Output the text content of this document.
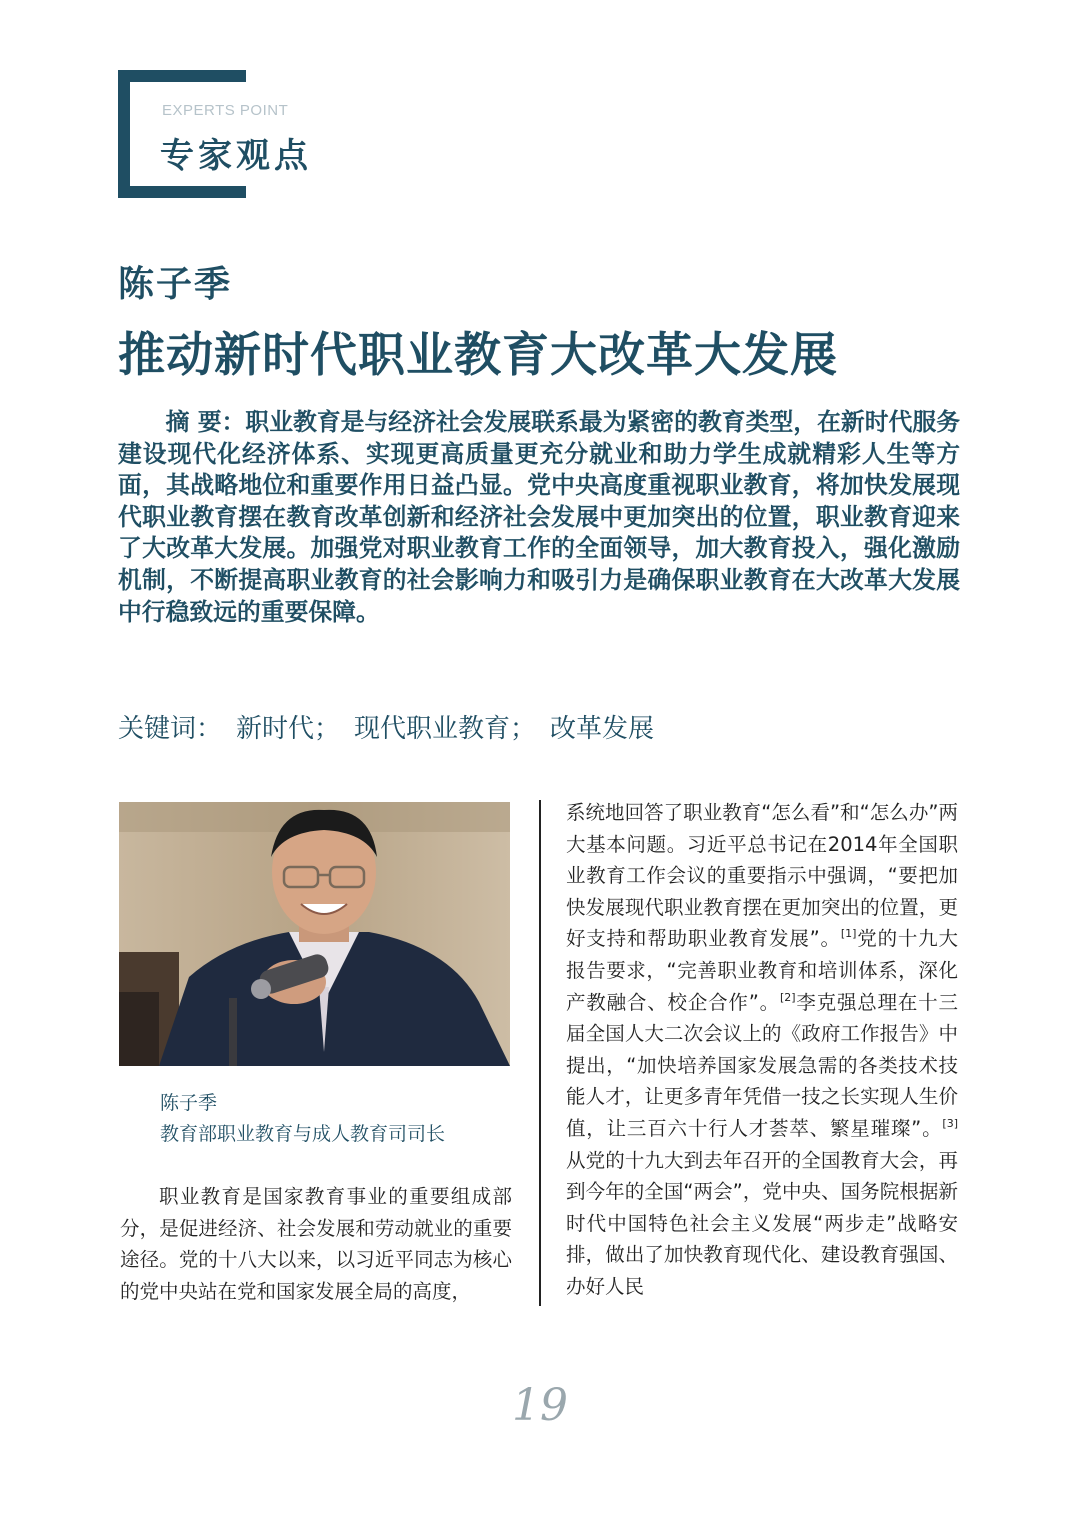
EXPERTS POINT
专家观点
陈子季
推动新时代职业教育大改革大发展

摘 要：职业教育是与经济社会发展联系最为紧密的教育类型，在新时代服务建设现代化经济体系、实现更高质量更充分就业和助力学生成就精彩人生等方面，其战略地位和重要作用日益凸显。党中央高度重视职业教育，将加快发展现代职业教育摆在教育改革创新和经济社会发展中更加突出的位置，职业教育迎来了大改革大发展。加强党对职业教育工作的全面领导，加大教育投入，强化激励机制，不断提高职业教育的社会影响力和吸引力是确保职业教育在大改革大发展中行稳致远的重要保障。

关键词： 新时代； 现代职业教育； 改革发展
陈子季
教育部职业教育与成人教育司司长

职业教育是国家教育事业的重要组成部分，是促进经济、社会发展和劳动就业的重要途径。党的十八大以来，以习近平同志为核心的党中央站在党和国家发展全局的高度，

系统地回答了职业教育“怎么看”和“怎么办”两大基本问题。习近平总书记在2014年全国职业教育工作会议的重要指示中强调，“要把加快发展现代职业教育摆在更加突出的位置，更好支持和帮助职业教育发展”。[1]党的十九大报告要求，“完善职业教育和培训体系，深化产教融合、校企合作”。[2]李克强总理在十三届全国人大二次会议上的《政府工作报告》中提出，“加快培养国家发展急需的各类技术技能人才，让更多青年凭借一技之长实现人生价值，让三百六十行人才荟萃、繁星璀璨”。[3]从党的十九大到去年召开的全国教育大会，再到今年的全国“两会”，党中央、国务院根据新时代中国特色社会主义发展“两步走”战略安排，做出了加快教育现代化、建设教育强国、办好人民

19
